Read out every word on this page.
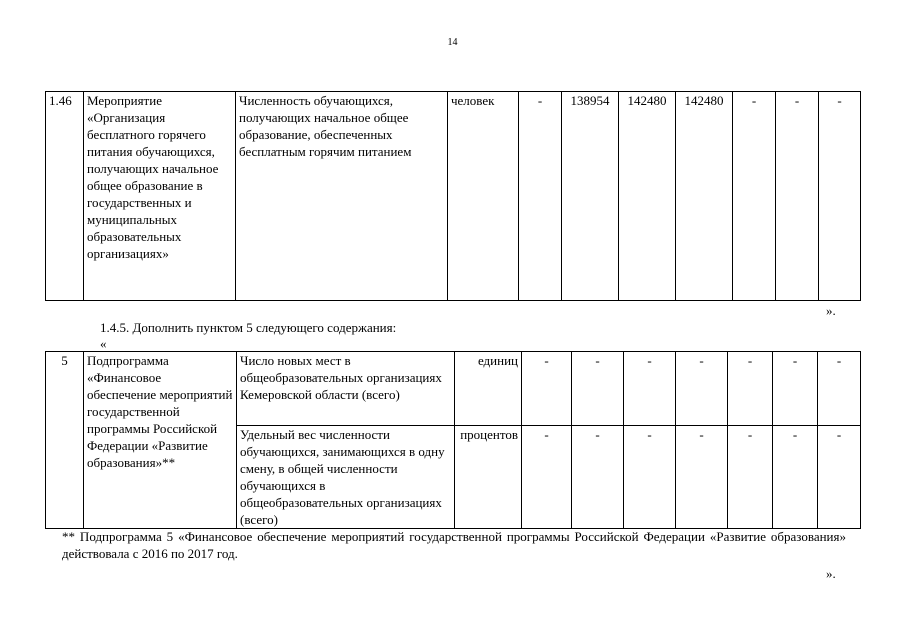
14
1.46	Мероприятие «Организация бесплатного горячего питания обучающихся, получающих начальное общее образование в государственных и муниципальных образовательных организациях»	Численность обучающихся, получающих начальное общее образование, обеспеченных бесплатным горячим питанием	человек	-	138954	142480	142480	-	-	-
».
1.4.5. Дополнить пунктом 5 следующего содержания:
«
5	Подпрограмма «Финансовое обеспечение мероприятий государственной программы Российской Федерации «Развитие образования»**	Число новых мест в общеобразовательных организациях Кемеровской области (всего)	единиц	-	-	-	-	-	-	-
		Удельный вес численности обучающихся, занимающихся в одну смену, в общей численности обучающихся в общеобразовательных организациях (всего)	процентов	-	-	-	-	-	-	-
** Подпрограмма 5 «Финансовое обеспечение мероприятий государственной программы Российской Федерации «Развитие образования» действовала с 2016 по 2017 год.
».
